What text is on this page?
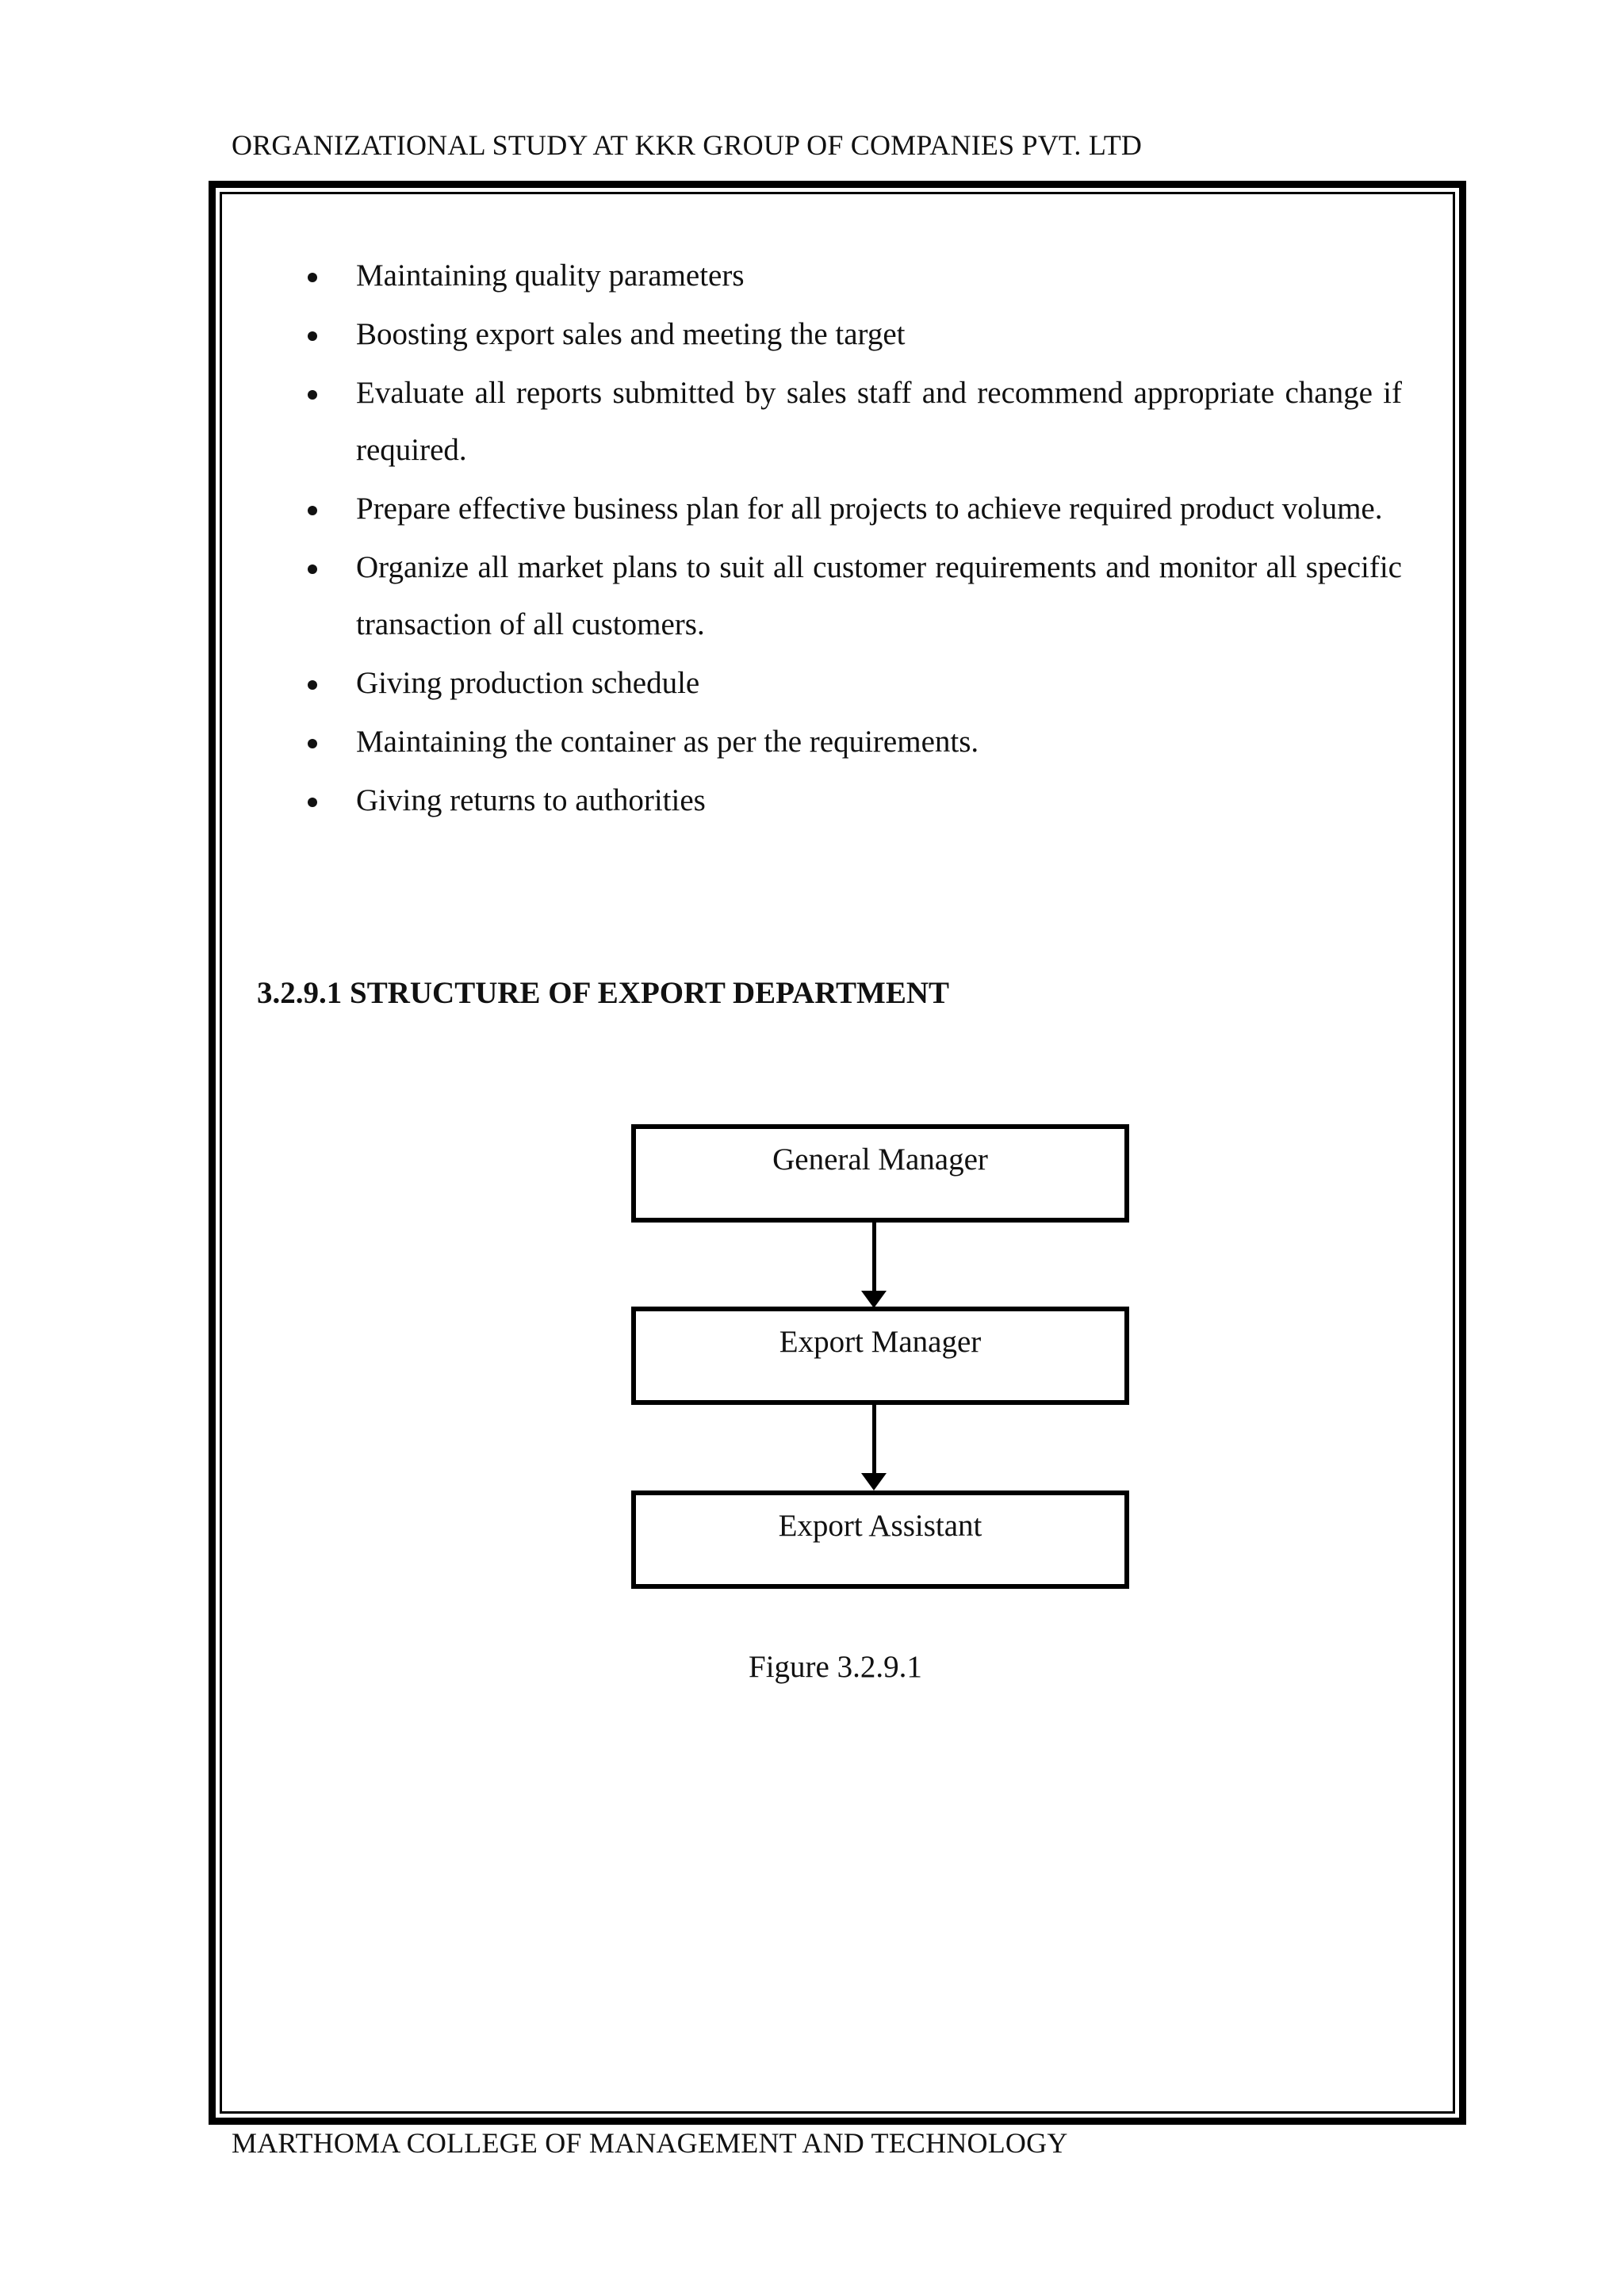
ORGANIZATIONAL STUDY AT KKR GROUP OF COMPANIES PVT. LTD
Maintaining quality parameters
Boosting export sales and meeting the target
Evaluate all reports submitted by sales staff and recommend appropriate change if required.
Prepare effective business plan for all projects to achieve required product volume.
Organize all market plans to suit all customer requirements and monitor all specific transaction of all customers.
Giving production schedule
Maintaining the container as per the requirements.
Giving returns to authorities
3.2.9.1 STRUCTURE OF EXPORT DEPARTMENT
General Manager
Export Manager
Export Assistant
Figure 3.2.9.1
MARTHOMA COLLEGE OF MANAGEMENT AND TECHNOLOGY
